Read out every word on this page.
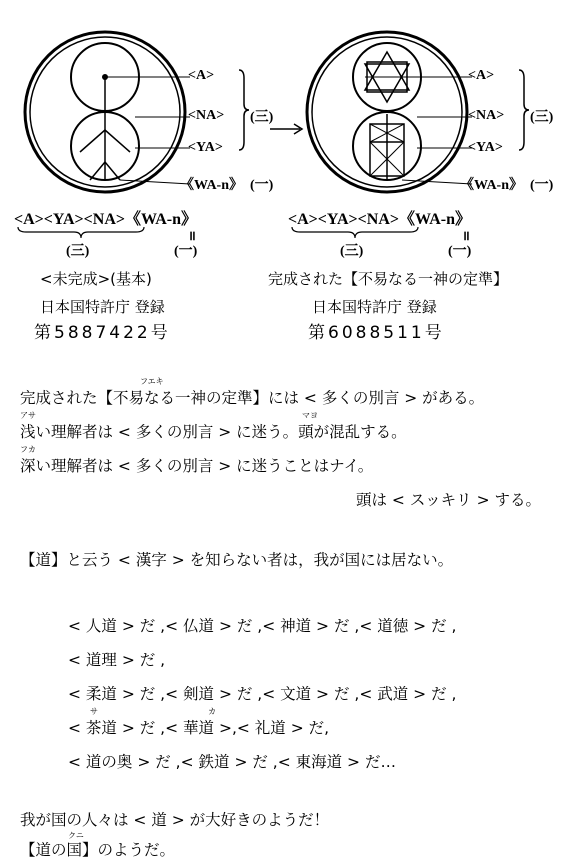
<A>
<NA>
<YA>
《WA-n》 (一)
(三)
<A>
<NA>
<YA>
《WA-n》 (一)
(三)
<A><YA><NA>《WA-n》
(三)
॥
(一)
<A><YA><NA>《WA-n》
(三)
॥
(一)
<未完成>(基本)
日本国特許庁 登録
第5887422号
完成された【不易なる一神の定準】
日本国特許庁 登録
第6088511号
フエキ
完成された【不易なる一神の定準】には < 多くの別言 > がある。
アサ	マヨ
浅い理解者は < 多くの別言 > に迷う。頭が混乱する。
フカ
深い理解者は < 多くの別言 > に迷うことはナイ。
頭は < スッキリ > する。
【道】と云う < 漢字 > を知らない者は，我が国には居ない。
< 人道 > だ ,< 仏道 > だ ,< 神道 > だ ,< 道徳 > だ ,
< 道理 > だ ,
< 柔道 > だ ,< 剣道 > だ ,< 文道 > だ ,< 武道 > だ ,
サ	カ
< 茶道 > だ ,< 華道 >,< 礼道 > だ,
< 道の奥 > だ ,< 鉄道 > だ ,< 東海道 > だ…
我が国の人々は < 道 > が大好きのようだ！
クニ
【道の国】のようだ。
